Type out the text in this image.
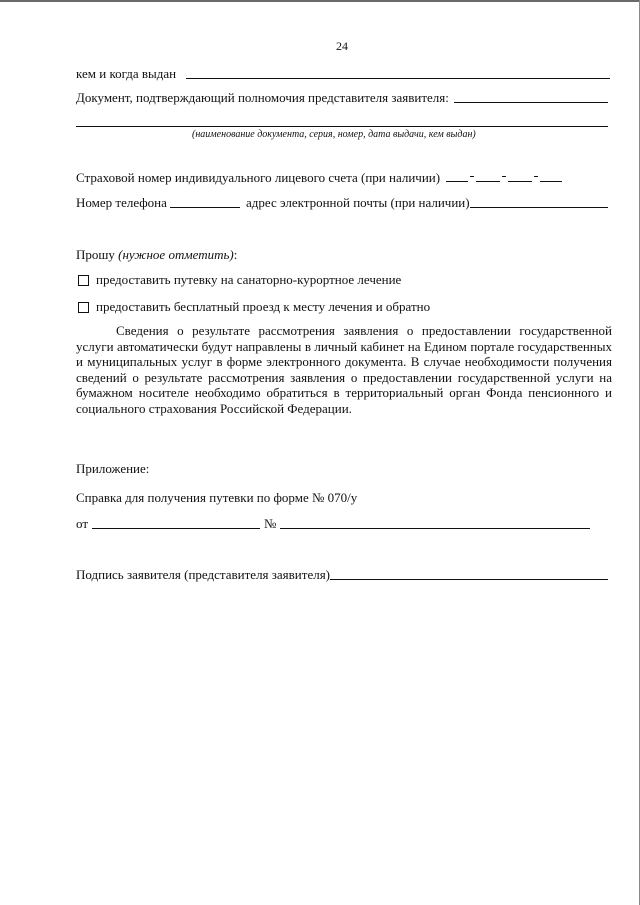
24
кем и когда выдан
Документ, подтверждающий полномочия представителя заявителя:
(наименование документа, серия, номер, дата выдачи, кем выдан)
Страховой номер индивидуального лицевого счета (при наличии)
Номер телефона	адрес электронной почты (при наличии)
Прошу (нужное отметить):
предоставить путевку на санаторно-курортное лечение
предоставить бесплатный проезд к месту лечения и обратно
Сведения о результате рассмотрения заявления о предоставлении государственной услуги автоматически будут направлены в личный кабинет на Едином портале государственных и муниципальных услуг в форме электронного документа. В случае необходимости получения сведений о результате рассмотрения заявления о предоставлении государственной услуги на бумажном носителе необходимо обратиться в территориальный орган Фонда пенсионного и социального страхования Российской Федерации.
Приложение:
Справка для получения путевки по форме № 070/у
от	№
Подпись заявителя (представителя заявителя)
